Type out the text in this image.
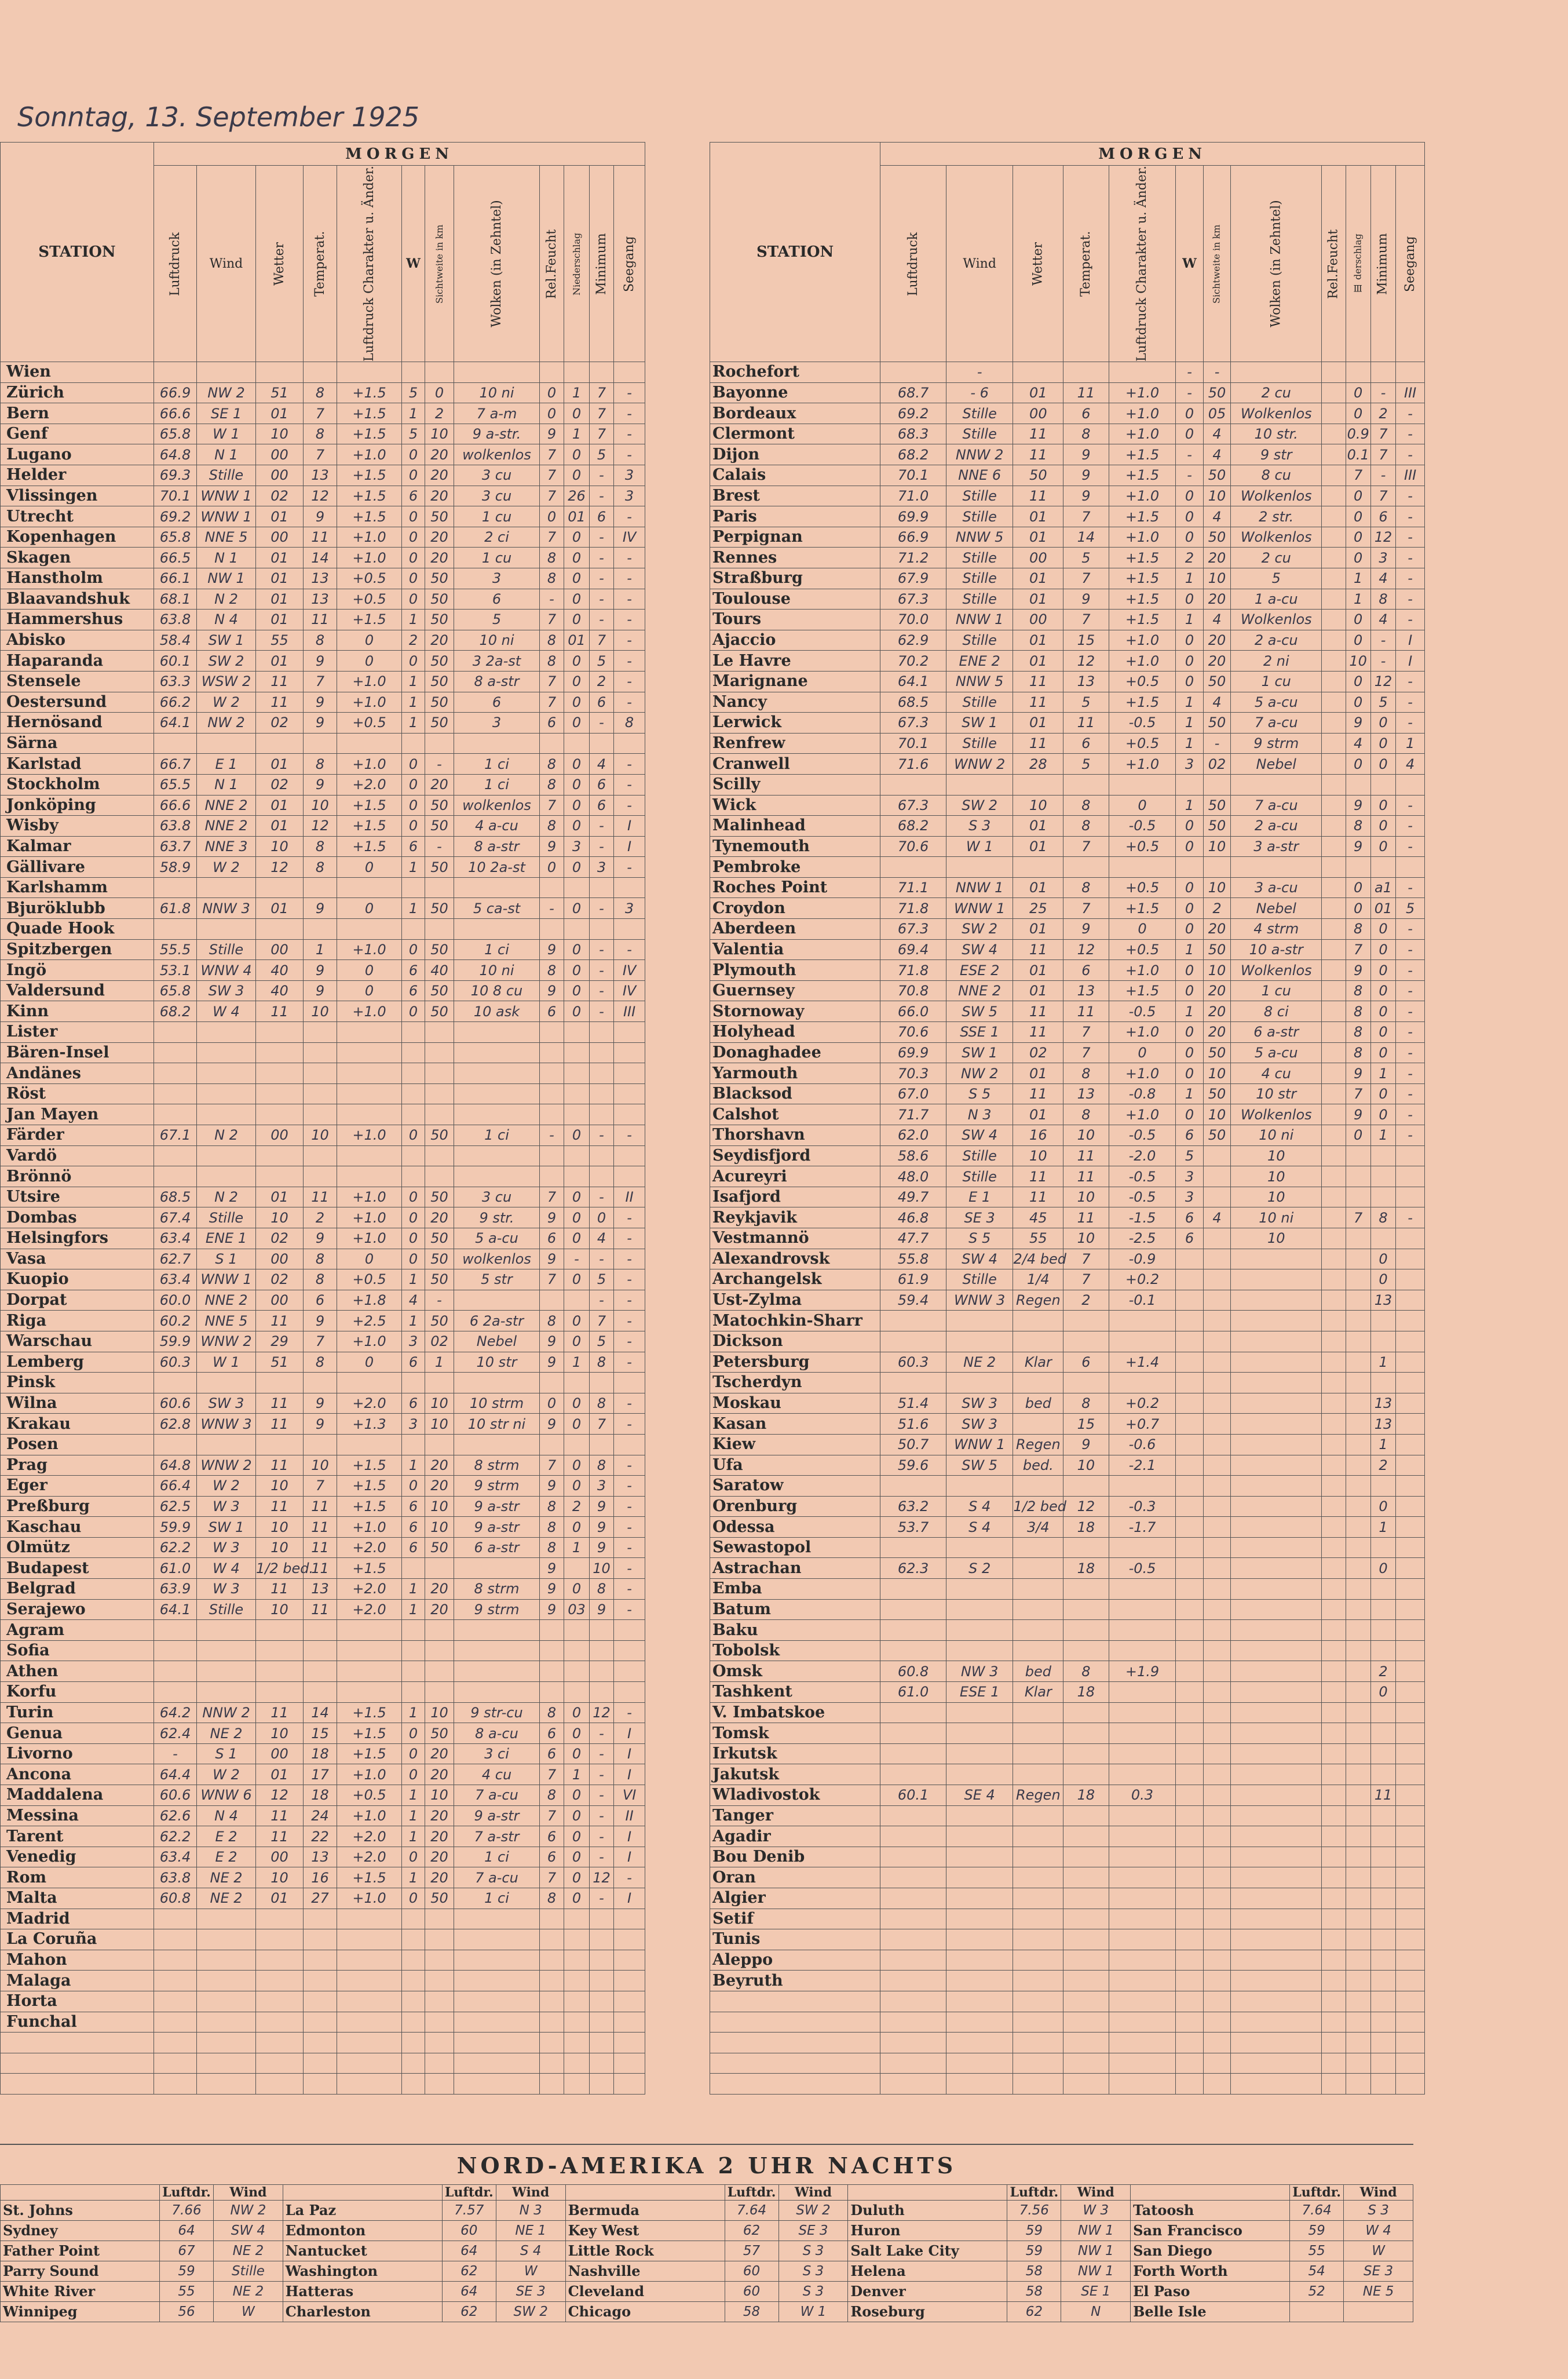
Sonntag, 13. September 1925
STATION	MORGEN												
	Luftdruck	Wind	Wetter	Temperat.	Luftdruck Charakter u. Änder.	W	Sichtweite in km	Wolken (in Zehntel)	Rel.Feucht	Niederschlag	Minimum	Seegang	
Wien													
Zürich	66.9	NW 2	51	8	+1.5	5	0	10 ni	0	1	7	-	
Bern	66.6	SE 1	01	7	+1.5	1	2	7 a-m	0	0	7	-	
Genf	65.8	W 1	10	8	+1.5	5	10	9 a-str.	9	1	7	-	
Lugano	64.8	N 1	00	7	+1.0	0	20	wolkenlos	7	0	5	-	
Helder	69.3	Stille	00	13	+1.5	0	20	3 cu	7	0	-	3	
Vlissingen	70.1	WNW 1	02	12	+1.5	6	20	3 cu	7	26	-	3	
Utrecht	69.2	WNW 1	01	9	+1.5	0	50	1 cu	0	01	6	-	
Kopenhagen	65.8	NNE 5	00	11	+1.0	0	20	2 ci	7	0	-	IV	
Skagen	66.5	N 1	01	14	+1.0	0	20	1 cu	8	0	-	-	
Hanstholm	66.1	NW 1	01	13	+0.5	0	50	3	8	0	-	-	
Blaavandshuk	68.1	N 2	01	13	+0.5	0	50	6	-	0	-	-	
Hammershus	63.8	N 4	01	11	+1.5	1	50	5	7	0	-	-	
Abisko	58.4	SW 1	55	8	0	2	20	10 ni	8	01	7	-	
Haparanda	60.1	SW 2	01	9	0	0	50	3 2a-st	8	0	5	-	
Stensele	63.3	WSW 2	11	7	+1.0	1	50	8 a-str	7	0	2	-	
Oestersund	66.2	W 2	11	9	+1.0	1	50	6	7	0	6	-	
Hernösand	64.1	NW 2	02	9	+0.5	1	50	3	6	0	-	8	
Särna													
Karlstad	66.7	E 1	01	8	+1.0	0	-	1 ci	8	0	4	-	
Stockholm	65.5	N 1	02	9	+2.0	0	20	1 ci	8	0	6	-	
Jonköping	66.6	NNE 2	01	10	+1.5	0	50	wolkenlos	7	0	6	-	
Wisby	63.8	NNE 2	01	12	+1.5	0	50	4 a-cu	8	0	-	I	
Kalmar	63.7	NNE 3	10	8	+1.5	6	-	8 a-str	9	3	-	I	
Gällivare	58.9	W 2	12	8	0	1	50	10 2a-st	0	0	3	-	
Karlshamm													
Bjuröklubb	61.8	NNW 3	01	9	0	1	50	5 ca-st	-	0	-	3	
Quade Hook													
Spitzbergen	55.5	Stille	00	1	+1.0	0	50	1 ci	9	0	-	-	
Ingö	53.1	WNW 4	40	9	0	6	40	10 ni	8	0	-	IV	
Valdersund	65.8	SW 3	40	9	0	6	50	10 8 cu	9	0	-	IV	
Kinn	68.2	W 4	11	10	+1.0	0	50	10 ask	6	0	-	III	
Lister													
Bären-Insel													
Andänes													
Röst													
Jan Mayen													
Färder	67.1	N 2	00	10	+1.0	0	50	1 ci	-	0	-	-	
Vardö													
Brönnö													
Utsire	68.5	N 2	01	11	+1.0	0	50	3 cu	7	0	-	II	
Dombas	67.4	Stille	10	2	+1.0	0	20	9 str.	9	0	0	-	
Helsingfors	63.4	ENE 1	02	9	+1.0	0	50	5 a-cu	6	0	4	-	
Vasa	62.7	S 1	00	8	0	0	50	wolkenlos	9	-	-	-	
Kuopio	63.4	WNW 1	02	8	+0.5	1	50	5 str	7	0	5	-	
Dorpat	60.0	NNE 2	00	6	+1.8	4	-				-	-	
Riga	60.2	NNE 5	11	9	+2.5	1	50	6 2a-str	8	0	7	-	
Warschau	59.9	WNW 2	29	7	+1.0	3	02	Nebel	9	0	5	-	
Lemberg	60.3	W 1	51	8	0	6	1	10 str	9	1	8	-	
Pinsk													
Wilna	60.6	SW 3	11	9	+2.0	6	10	10 strm	0	0	8	-	
Krakau	62.8	WNW 3	11	9	+1.3	3	10	10 str ni	9	0	7	-	
Posen													
Prag	64.8	WNW 2	11	10	+1.5	1	20	8 strm	7	0	8	-	
Eger	66.4	W 2	10	7	+1.5	0	20	9 strm	9	0	3	-	
Preßburg	62.5	W 3	11	11	+1.5	6	10	9 a-str	8	2	9	-	
Kaschau	59.9	SW 1	10	11	+1.0	6	10	9 a-str	8	0	9	-	
Olmütz	62.2	W 3	10	11	+2.0	6	50	6 a-str	8	1	9	-	
Budapest	61.0	W 4	1/2 bed.	11	+1.5				9		10	-	
Belgrad	63.9	W 3	11	13	+2.0	1	20	8 strm	9	0	8	-	
Serajewo	64.1	Stille	10	11	+2.0	1	20	9 strm	9	03	9	-	
Agram													
Sofia													
Athen													
Korfu													
Turin	64.2	NNW 2	11	14	+1.5	1	10	9 str-cu	8	0	12	-	
Genua	62.4	NE 2	10	15	+1.5	0	50	8 a-cu	6	0	-	I	
Livorno	-	S 1	00	18	+1.5	0	20	3 ci	6	0	-	I	
Ancona	64.4	W 2	01	17	+1.0	0	20	4 cu	7	1	-	I	
Maddalena	60.6	WNW 6	12	18	+0.5	1	10	7 a-cu	8	0	-	VI	
Messina	62.6	N 4	11	24	+1.0	1	20	9 a-str	7	0	-	II	
Tarent	62.2	E 2	11	22	+2.0	1	20	7 a-str	6	0	-	I	
Venedig	63.4	E 2	00	13	+2.0	0	20	1 ci	6	0	-	I	
Rom	63.8	NE 2	10	16	+1.5	1	20	7 a-cu	7	0	12	-	
Malta	60.8	NE 2	01	27	+1.0	0	50	1 ci	8	0	-	I	
Madrid													
La Coruña													
Mahon													
Malaga													
Horta													
Funchal													

STATION	MORGEN											
	Luftdruck	Wind	Wetter	Temperat.	Luftdruck Charakter u. Änder.	W	Sichtweite in km	Wolken (in Zehntel)	Rel.Feucht	Ⅲ derschlag	Minimum	Seegang
Rochefort		-				-	-					
Bayonne	68.7	- 6	01	11	+1.0	-	50	2 cu		0	-	III
Bordeaux	69.2	Stille	00	6	+1.0	0	05	Wolkenlos		0	2	-
Clermont	68.3	Stille	11	8	+1.0	0	4	10 str.		0.9	7	-
Dijon	68.2	NNW 2	11	9	+1.5	-	4	9 str		0.1	7	-
Calais	70.1	NNE 6	50	9	+1.5	-	50	8 cu		7	-	III
Brest	71.0	Stille	11	9	+1.0	0	10	Wolkenlos		0	7	-
Paris	69.9	Stille	01	7	+1.5	0	4	2 str.		0	6	-
Perpignan	66.9	NNW 5	01	14	+1.0	0	50	Wolkenlos		0	12	-
Rennes	71.2	Stille	00	5	+1.5	2	20	2 cu		0	3	-
Straßburg	67.9	Stille	01	7	+1.5	1	10	5		1	4	-
Toulouse	67.3	Stille	01	9	+1.5	0	20	1 a-cu		1	8	-
Tours	70.0	NNW 1	00	7	+1.5	1	4	Wolkenlos		0	4	-
Ajaccio	62.9	Stille	01	15	+1.0	0	20	2 a-cu		0	-	I
Le Havre	70.2	ENE 2	01	12	+1.0	0	20	2 ni		10	-	I
Marignane	64.1	NNW 5	11	13	+0.5	0	50	1 cu		0	12	-
Nancy	68.5	Stille	11	5	+1.5	1	4	5 a-cu		0	5	-
Lerwick	67.3	SW 1	01	11	-0.5	1	50	7 a-cu		9	0	-
Renfrew	70.1	Stille	11	6	+0.5	1	-	9 strm		4	0	1
Cranwell	71.6	WNW 2	28	5	+1.0	3	02	Nebel		0	0	4
Scilly												
Wick	67.3	SW 2	10	8	0	1	50	7 a-cu		9	0	-
Malinhead	68.2	S 3	01	8	-0.5	0	50	2 a-cu		8	0	-
Tynemouth	70.6	W 1	01	7	+0.5	0	10	3 a-str		9	0	-
Pembroke												
Roches Point	71.1	NNW 1	01	8	+0.5	0	10	3 a-cu		0	a1	-
Croydon	71.8	WNW 1	25	7	+1.5	0	2	Nebel		0	01	5
Aberdeen	67.3	SW 2	01	9	0	0	20	4 strm		8	0	-
Valentia	69.4	SW 4	11	12	+0.5	1	50	10 a-str		7	0	-
Plymouth	71.8	ESE 2	01	6	+1.0	0	10	Wolkenlos		9	0	-
Guernsey	70.8	NNE 2	01	13	+1.5	0	20	1 cu		8	0	-
Stornoway	66.0	SW 5	11	11	-0.5	1	20	8 ci		8	0	-
Holyhead	70.6	SSE 1	11	7	+1.0	0	20	6 a-str		8	0	-
Donaghadee	69.9	SW 1	02	7	0	0	50	5 a-cu		8	0	-
Yarmouth	70.3	NW 2	01	8	+1.0	0	10	4 cu		9	1	-
Blacksod	67.0	S 5	11	13	-0.8	1	50	10 str		7	0	-
Calshot	71.7	N 3	01	8	+1.0	0	10	Wolkenlos		9	0	-
Thorshavn	62.0	SW 4	16	10	-0.5	6	50	10 ni		0	1	-
Seydisfjord	58.6	Stille	10	11	-2.0	5		10				
Acureyri	48.0	Stille	11	11	-0.5	3		10				
Isafjord	49.7	E 1	11	10	-0.5	3		10				
Reykjavik	46.8	SE 3	45	11	-1.5	6	4	10 ni		7	8	-
Vestmannö	47.7	S 5	55	10	-2.5	6		10				
Alexandrovsk	55.8	SW 4	2/4 bed	7	-0.9						0	
Archangelsk	61.9	Stille	1/4	7	+0.2						0	
Ust-Zylma	59.4	WNW 3	Regen	2	-0.1						13	
Matochkin-Sharr												
Dickson												
Petersburg	60.3	NE 2	Klar	6	+1.4						1	
Tscherdyn												
Moskau	51.4	SW 3	bed	8	+0.2						13	
Kasan	51.6	SW 3		15	+0.7						13	
Kiew	50.7	WNW 1	Regen	9	-0.6						1	
Ufa	59.6	SW 5	bed.	10	-2.1						2	
Saratow												
Orenburg	63.2	S 4	1/2 bed	12	-0.3						0	
Odessa	53.7	S 4	3/4	18	-1.7						1	
Sewastopol												
Astrachan	62.3	S 2		18	-0.5						0	
Emba												
Batum												
Baku												
Tobolsk												
Omsk	60.8	NW 3	bed	8	+1.9						2	
Tashkent	61.0	ESE 1	Klar	18							0	
V. Imbatskoe												
Tomsk												
Irkutsk												
Jakutsk												
Wladivostok	60.1	SE 4	Regen	18	0.3						11	
Tanger												
Agadir												
Bou Denib												
Oran												
Algier												
Setif												
Tunis												
Aleppo												
Beyruth												

NORD-AMERIKA 2 UHR NACHTS
	Luftdr.	Wind		Luftdr.	Wind		Luftdr.	Wind		Luftdr.	Wind		Luftdr.	Wind
St. Johns	7.66	NW 2	La Paz	7.57	N 3	Bermuda	7.64	SW 2	Duluth	7.56	W 3	Tatoosh	7.64	S 3
Sydney	64	SW 4	Edmonton	60	NE 1	Key West	62	SE 3	Huron	59	NW 1	San Francisco	59	W 4
Father Point	67	NE 2	Nantucket	64	S 4	Little Rock	57	S 3	Salt Lake City	59	NW 1	San Diego	55	W
Parry Sound	59	Stille	Washington	62	W	Nashville	60	S 3	Helena	58	NW 1	Forth Worth	54	SE 3
White River	55	NE 2	Hatteras	64	SE 3	Cleveland	60	S 3	Denver	58	SE 1	El Paso	52	NE 5
Winnipeg	56	W	Charleston	62	SW 2	Chicago	58	W 1	Roseburg	62	N	Belle Isle		
